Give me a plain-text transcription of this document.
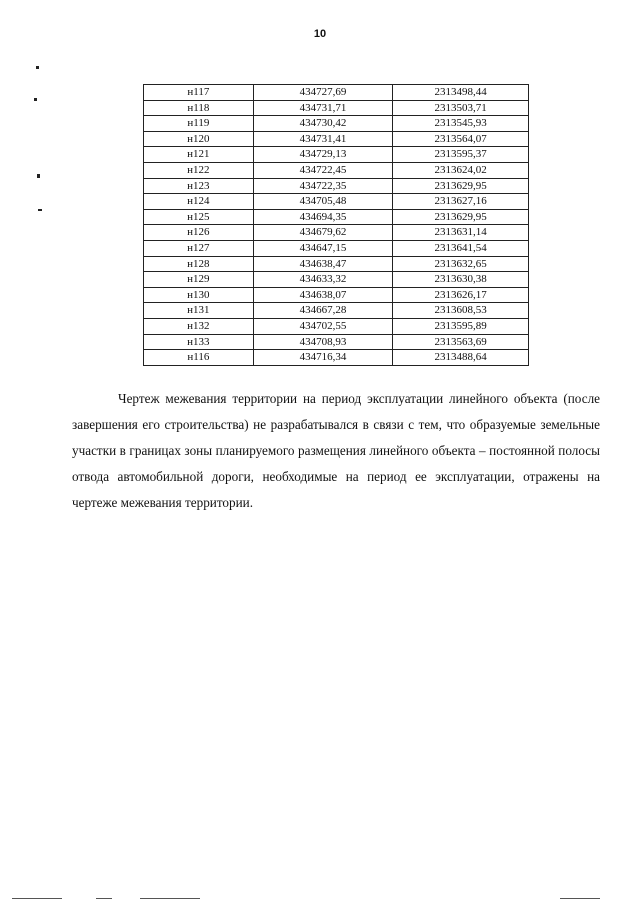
10
н117	434727,69	2313498,44
н118	434731,71	2313503,71
н119	434730,42	2313545,93
н120	434731,41	2313564,07
н121	434729,13	2313595,37
н122	434722,45	2313624,02
н123	434722,35	2313629,95
н124	434705,48	2313627,16
н125	434694,35	2313629,95
н126	434679,62	2313631,14
н127	434647,15	2313641,54
н128	434638,47	2313632,65
н129	434633,32	2313630,38
н130	434638,07	2313626,17
н131	434667,28	2313608,53
н132	434702,55	2313595,89
н133	434708,93	2313563,69
н116	434716,34	2313488,64

Чертеж межевания территории на период эксплуатации линейного объекта (после завершения его строительства) не разрабатывался в связи с тем, что образуемые земельные участки в границах зоны планируемого размещения линейного объекта – постоянной полосы отвода автомобильной дороги, необходимые на период ее эксплуатации, отражены на чертеже межевания территории.
